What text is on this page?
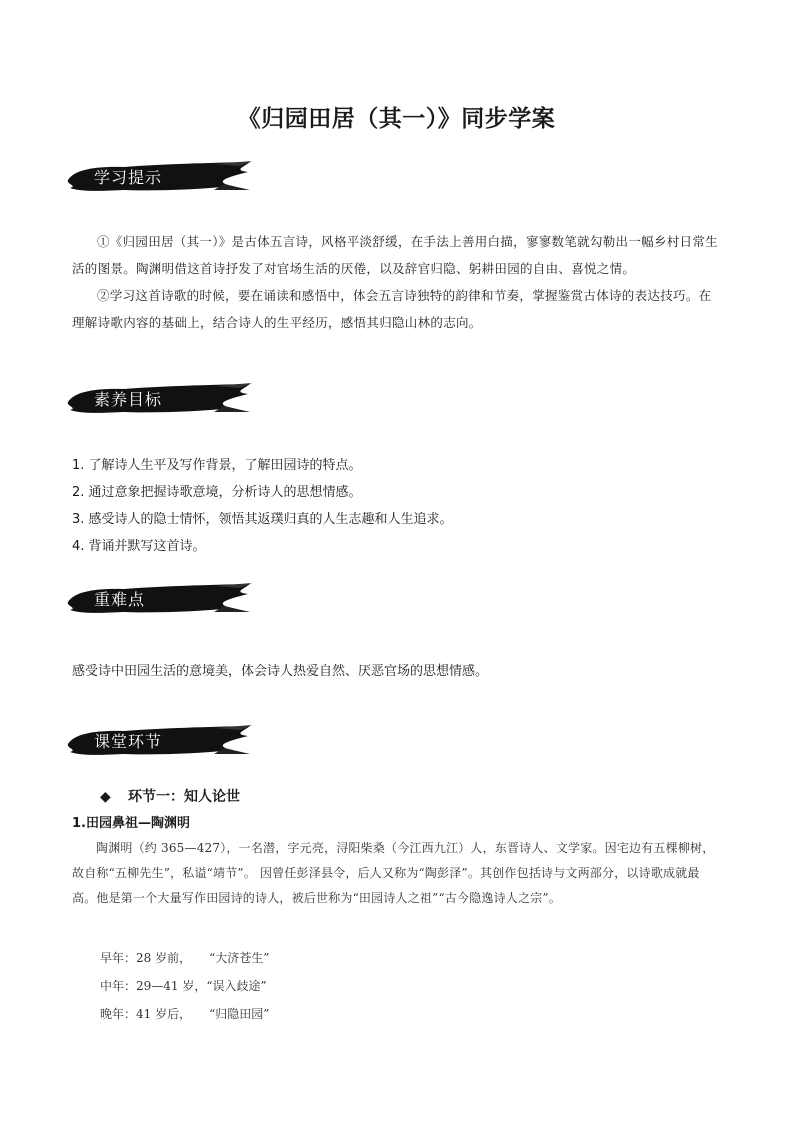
《归园田居（其一）》同步学案
学习提示

①《归园田居（其一）》是古体五言诗，风格平淡舒缓，在手法上善用白描，寥寥数笔就勾勒出一幅乡村日常生活的图景。陶渊明借这首诗抒发了对官场生活的厌倦，以及辞官归隐、躬耕田园的自由、喜悦之情。

②学习这首诗歌的时候，要在诵读和感悟中，体会五言诗独特的韵律和节奏，掌握鉴赏古体诗的表达技巧。在理解诗歌内容的基础上，结合诗人的生平经历，感悟其归隐山林的志向。

素养目标
1. 了解诗人生平及写作背景，了解田园诗的特点。
2. 通过意象把握诗歌意境，分析诗人的思想情感。
3. 感受诗人的隐士情怀，领悟其返璞归真的人生志趣和人生追求。
4. 背诵并默写这首诗。
重难点
感受诗中田园生活的意境美，体会诗人热爱自然、厌恶官场的思想情感。
课堂环节
◆ 环节一：知人论世
1.田园鼻祖—陶渊明

陶渊明（约 365—427），一名潜，字元亮，浔阳柴桑（今江西九江）人，东晋诗人、文学家。因宅边有五棵柳树，故自称“五柳先生”，私谥“靖节”。 因曾任彭泽县令，后人又称为“陶彭泽”。其创作包括诗与文两部分，以诗歌成就最高。他是第一个大量写作田园诗的诗人，被后世称为“田园诗人之祖”“古今隐逸诗人之宗”。

早年：28 岁前， “大济苍生”
中年：29—41 岁，“误入歧途”
晚年：41 岁后， “归隐田园”
